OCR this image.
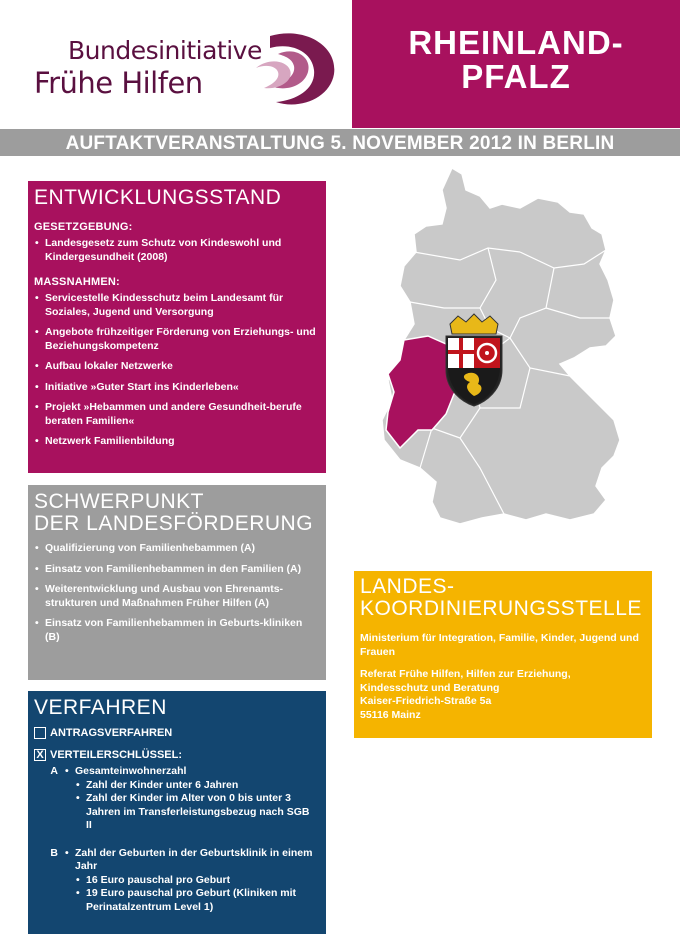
Bundesinitiative
Frühe Hilfen
RHEINLAND-
PFALZ
AUFTAKTVERANSTALTUNG 5. NOVEMBER 2012 IN BERLIN
ENTWICKLUNGSSTAND
GESETZGEBUNG:
• Landesgesetz zum Schutz von Kindeswohl und Kindergesundheit (2008)
MASSNAHMEN:
• Servicestelle Kindesschutz beim Landesamt für Soziales, Jugend und Versorgung
• Angebote frühzeitiger Förderung von Erziehungs- und Beziehungskompetenz
• Aufbau lokaler Netzwerke
• Initiative »Guter Start ins Kinderleben«
• Projekt »Hebammen und andere Gesundheit-berufe beraten Familien«
• Netzwerk Familienbildung
SCHWERPUNKT
DER LANDESFÖRDERUNG
• Qualifizierung von Familienhebammen (A)
• Einsatz von Familienhebammen in den Familien (A)
• Weiterentwicklung und Ausbau von Ehrenamts-strukturen und Maßnahmen Früher Hilfen (A)
• Einsatz von Familienhebammen in Geburts-kliniken (B)
VERFAHREN
ANTRAGSVERFAHREN
X VERTEILERSCHLÜSSEL:
A	• Gesamteinwohnerzahl
• Zahl der Kinder unter 6 Jahren
• Zahl der Kinder im Alter von 0 bis unter 3 Jahren im Transferleistungsbezug nach SGB II
B	• Zahl der Geburten in der Geburtsklinik in einem Jahr
• 16 Euro pauschal pro Geburt
• 19 Euro pauschal pro Geburt (Kliniken mit Perinatalzentrum Level 1)
LANDES-
KOORDINIERUNGSSTELLE

Ministerium für Integration, Familie, Kinder, Jugend und Frauen

Referat Frühe Hilfen, Hilfen zur Erziehung,
Kindesschutz und Beratung
Kaiser-Friedrich-Straße 5a
55116 Mainz
